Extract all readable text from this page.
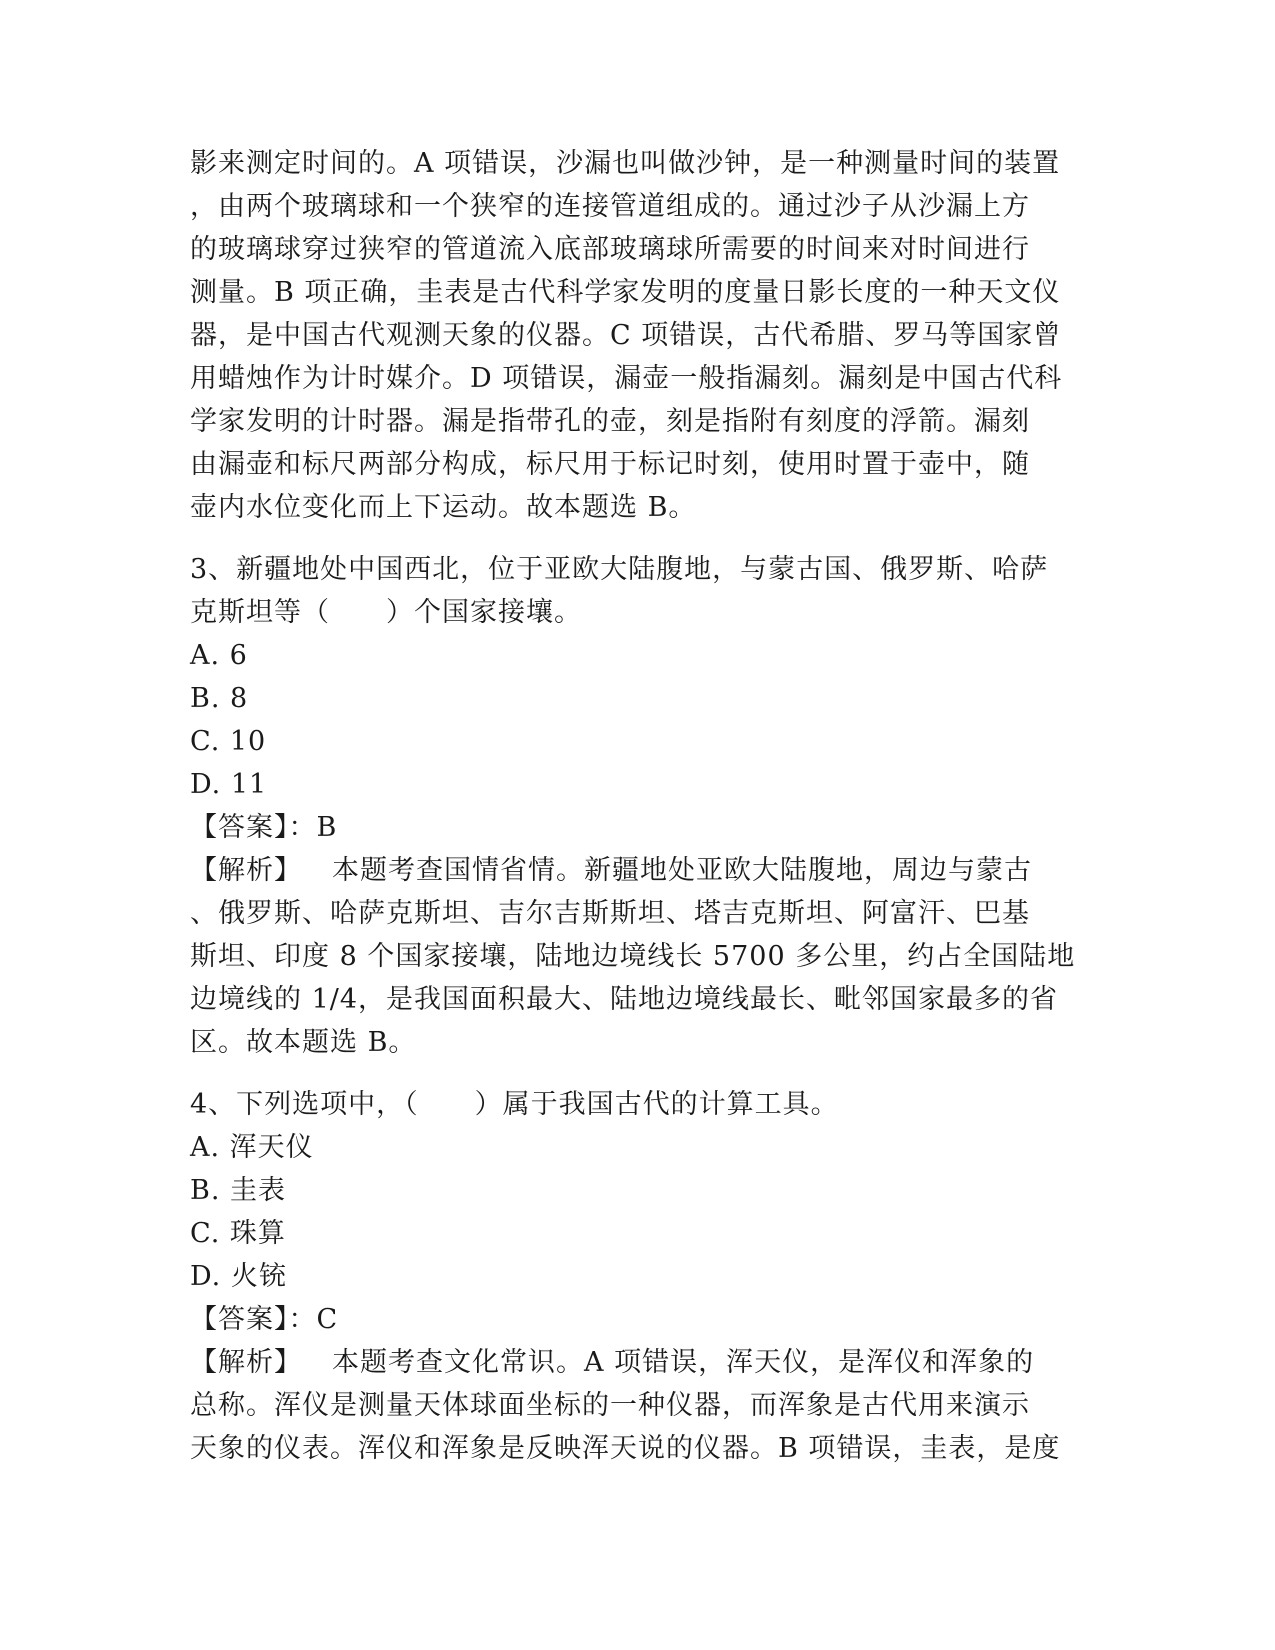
影来测定时间的。A 项错误，沙漏也叫做沙钟，是一种测量时间的装置
，由两个玻璃球和一个狭窄的连接管道组成的。通过沙子从沙漏上方
的玻璃球穿过狭窄的管道流入底部玻璃球所需要的时间来对时间进行
测量。B 项正确，圭表是古代科学家发明的度量日影长度的一种天文仪
器，是中国古代观测天象的仪器。C 项错误，古代希腊、罗马等国家曾
用蜡烛作为计时媒介。D 项错误，漏壶一般指漏刻。漏刻是中国古代科
学家发明的计时器。漏是指带孔的壶，刻是指附有刻度的浮箭。漏刻
由漏壶和标尺两部分构成，标尺用于标记时刻，使用时置于壶中，随
壶内水位变化而上下运动。故本题选 B。
3、新疆地处中国西北，位于亚欧大陆腹地，与蒙古国、俄罗斯、哈萨
克斯坦等（　　）个国家接壤。
A. 6
B. 8
C. 10
D. 11
【答案】：B
【解析】 本题考查国情省情。新疆地处亚欧大陆腹地，周边与蒙古
、俄罗斯、哈萨克斯坦、吉尔吉斯斯坦、塔吉克斯坦、阿富汗、巴基
斯坦、印度 8 个国家接壤，陆地边境线长 5700 多公里，约占全国陆地
边境线的 1/4，是我国面积最大、陆地边境线最长、毗邻国家最多的省
区。故本题选 B。
4、下列选项中，（　　）属于我国古代的计算工具。
A. 浑天仪
B. 圭表
C. 珠算
D. 火铳
【答案】：C
【解析】 本题考查文化常识。A 项错误，浑天仪，是浑仪和浑象的
总称。浑仪是测量天体球面坐标的一种仪器，而浑象是古代用来演示
天象的仪表。浑仪和浑象是反映浑天说的仪器。B 项错误，圭表，是度
